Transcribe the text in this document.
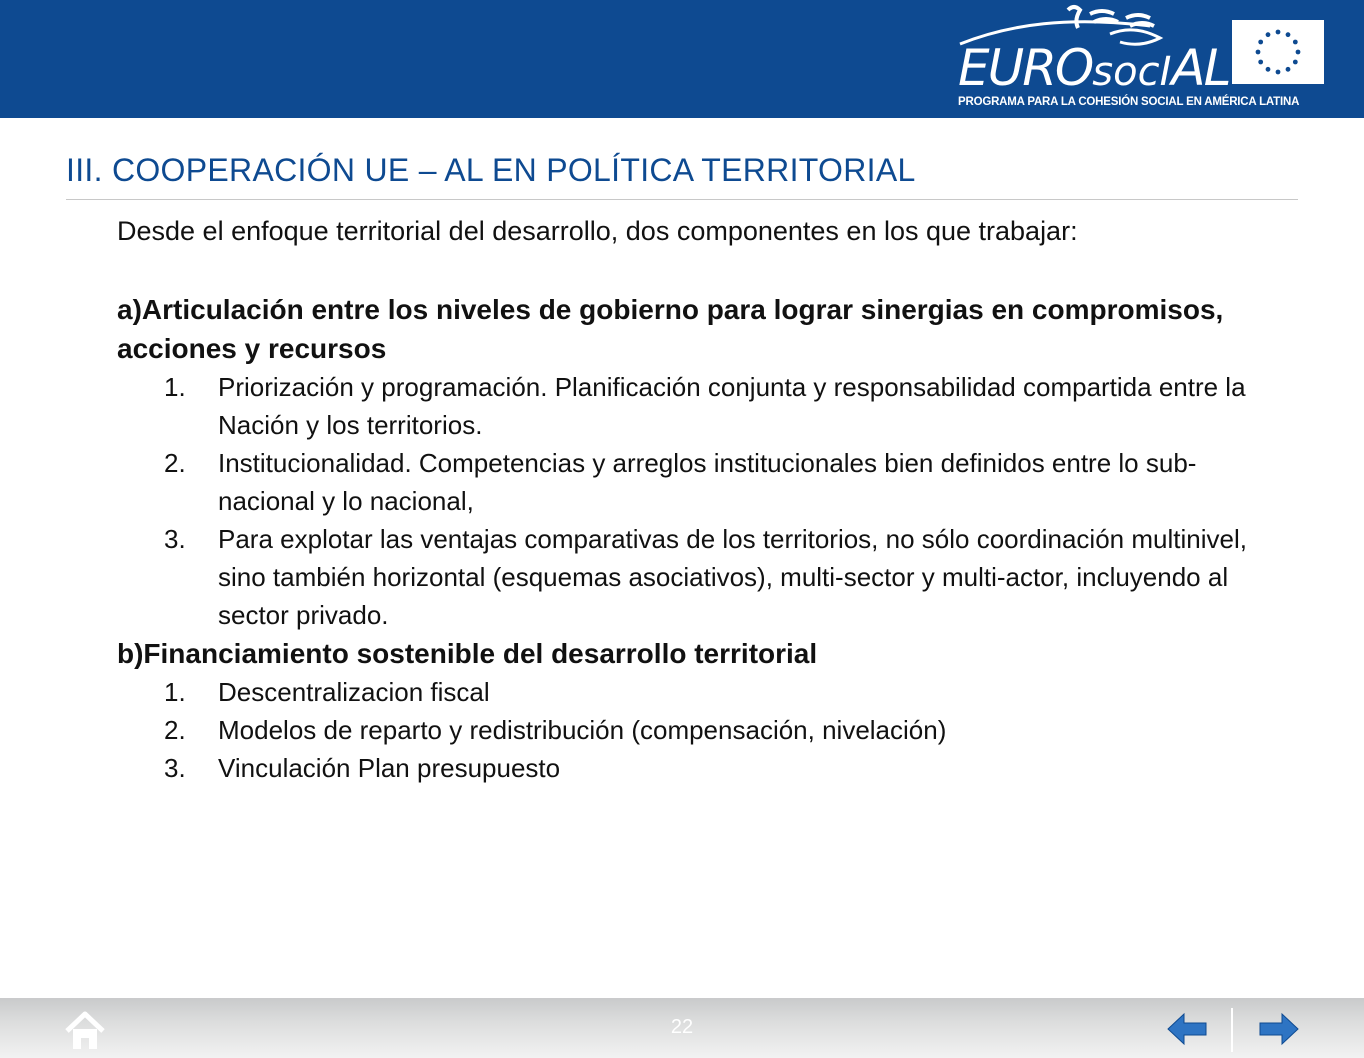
EUROsocIAL
PROGRAMA PARA LA COHESIÓN SOCIAL EN AMÉRICA LATINA
III. COOPERACIÓN UE – AL EN POLÍTICA TERRITORIAL

Desde el enfoque territorial del desarrollo, dos componentes en los que trabajar:

a)Articulación entre los niveles de gobierno para lograr sinergias en compromisos, acciones y recursos

1. Priorización y programación. Planificación conjunta y responsabilidad compartida entre la Nación y los territorios.
2. Institucionalidad. Competencias y arreglos institucionales bien definidos entre lo sub-nacional y lo nacional,
3. Para explotar las ventajas comparativas de los territorios, no sólo coordinación multinivel, sino también horizontal (esquemas asociativos), multi-sector y multi-actor, incluyendo al sector privado.

b)Financiamiento sostenible del desarrollo territorial

1. Descentralizacion fiscal
2. Modelos de reparto y redistribución (compensación, nivelación)
3. Vinculación Plan presupuesto
22
